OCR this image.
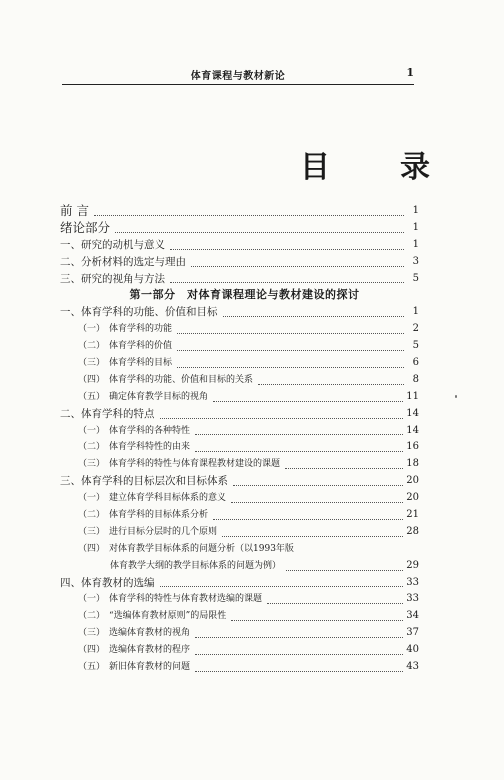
体育课程与教材新论	1
目 录
前 言	1
绪论部分	1
一、研究的动机与意义	1
二、分析材料的选定与理由	3
三、研究的视角与方法	5
第一部分　对体育课程理论与教材建设的探讨
一、体育学科的功能、价值和目标	1
（一） 体育学科的功能	2
（二） 体育学科的价值	5
（三） 体育学科的目标	6
（四） 体育学科的功能、价值和目标的关系	8
（五） 确定体育教学目标的视角	11
二、体育学科的特点	14
（一） 体育学科的各种特性	14
（二） 体育学科特性的由来	16
（三） 体育学科的特性与体育课程教材建设的课题	18
三、体育学科的目标层次和目标体系	20
（一） 建立体育学科目标体系的意义	20
（二） 体育学科的目标体系分析	21
（三） 进行目标分层时的几个原则	28
（四） 对体育教学目标体系的问题分析（以1993年版
体育教学大纲的教学目标体系的问题为例）	29
四、体育教材的选编	33
（一） 体育学科的特性与体育教材选编的课题	33
（二） “选编体育教材原则”的局限性	34
（三） 选编体育教材的视角	37
（四） 选编体育教材的程序	40
（五） 新旧体育教材的问题	43
